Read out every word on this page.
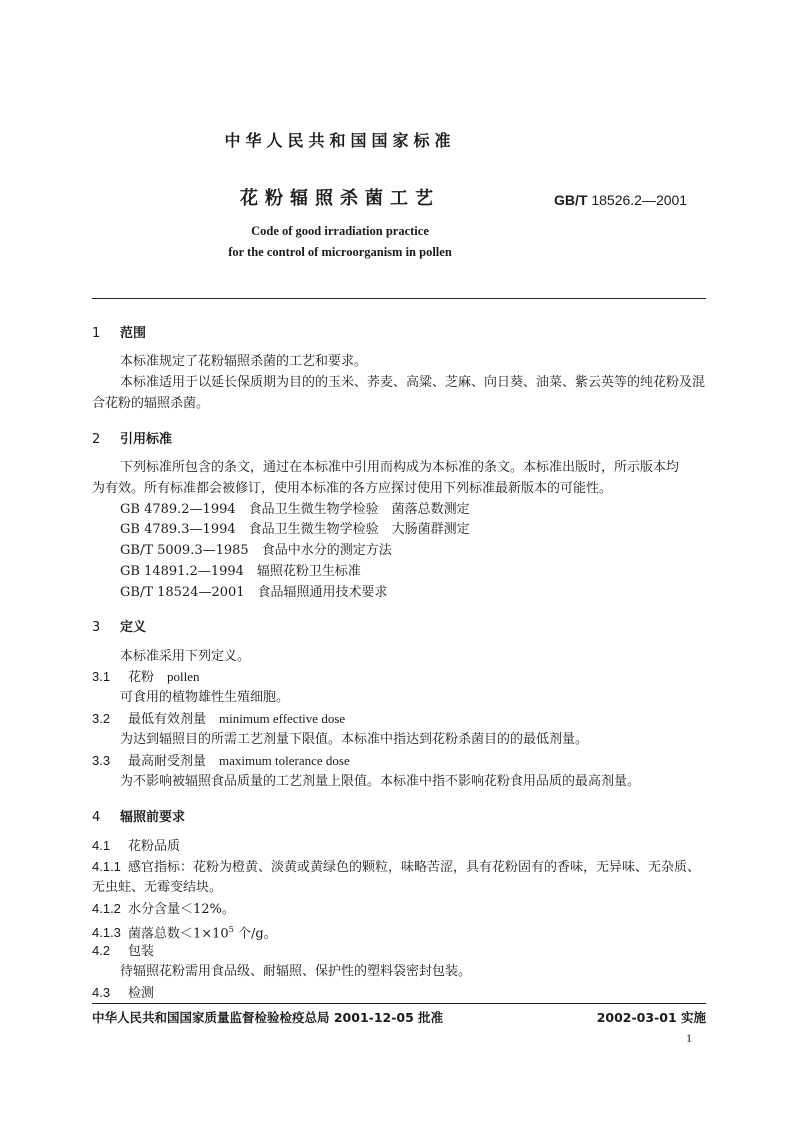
中华人民共和国国家标准
花粉辐照杀菌工艺	GB/T 18526.2—2001
Code of good irradiation practice
for the control of microorganism in pollen
1 范围
本标准规定了花粉辐照杀菌的工艺和要求。
本标准适用于以延长保质期为目的的玉米、荞麦、高粱、芝麻、向日葵、油菜、紫云英等的纯花粉及混
合花粉的辐照杀菌。
2 引用标准
下列标准所包含的条文，通过在本标准中引用而构成为本标准的条文。本标准出版时，所示版本均
为有效。所有标准都会被修订，使用本标准的各方应探讨使用下列标准最新版本的可能性。
GB 4789.2—1994　食品卫生微生物学检验　菌落总数测定
GB 4789.3—1994　食品卫生微生物学检验　大肠菌群测定
GB/T 5009.3—1985　食品中水分的测定方法
GB 14891.2—1994　辐照花粉卫生标准
GB/T 18524—2001　食品辐照通用技术要求
3 定义
本标准采用下列定义。
3.1 花粉　 pollen
可食用的植物雄性生殖细胞。
3.2 最低有效剂量　 minimum effective dose
为达到辐照目的所需工艺剂量下限值。本标准中指达到花粉杀菌目的的最低剂量。
3.3 最高耐受剂量　 maximum tolerance dose
为不影响被辐照食品质量的工艺剂量上限值。本标准中指不影响花粉食用品质的最高剂量。
4 辐照前要求
4.1 花粉品质
4.1.1 感官指标：花粉为橙黄、淡黄或黄绿色的颗粒，味略苦涩，具有花粉固有的香味，无异味、无杂质、
无虫蛀、无霉变结块。
4.1.2 水分含量＜12%。
4.1.3 菌落总数$<1\times 10^5$ 个/g。
4.2 包装
待辐照花粉需用食品级、耐辐照、保护性的塑料袋密封包装。
4.3 检测
中华人民共和国国家质量监督检验检疫总局 2001-12-05 批准	2002-03-01 实施
1
